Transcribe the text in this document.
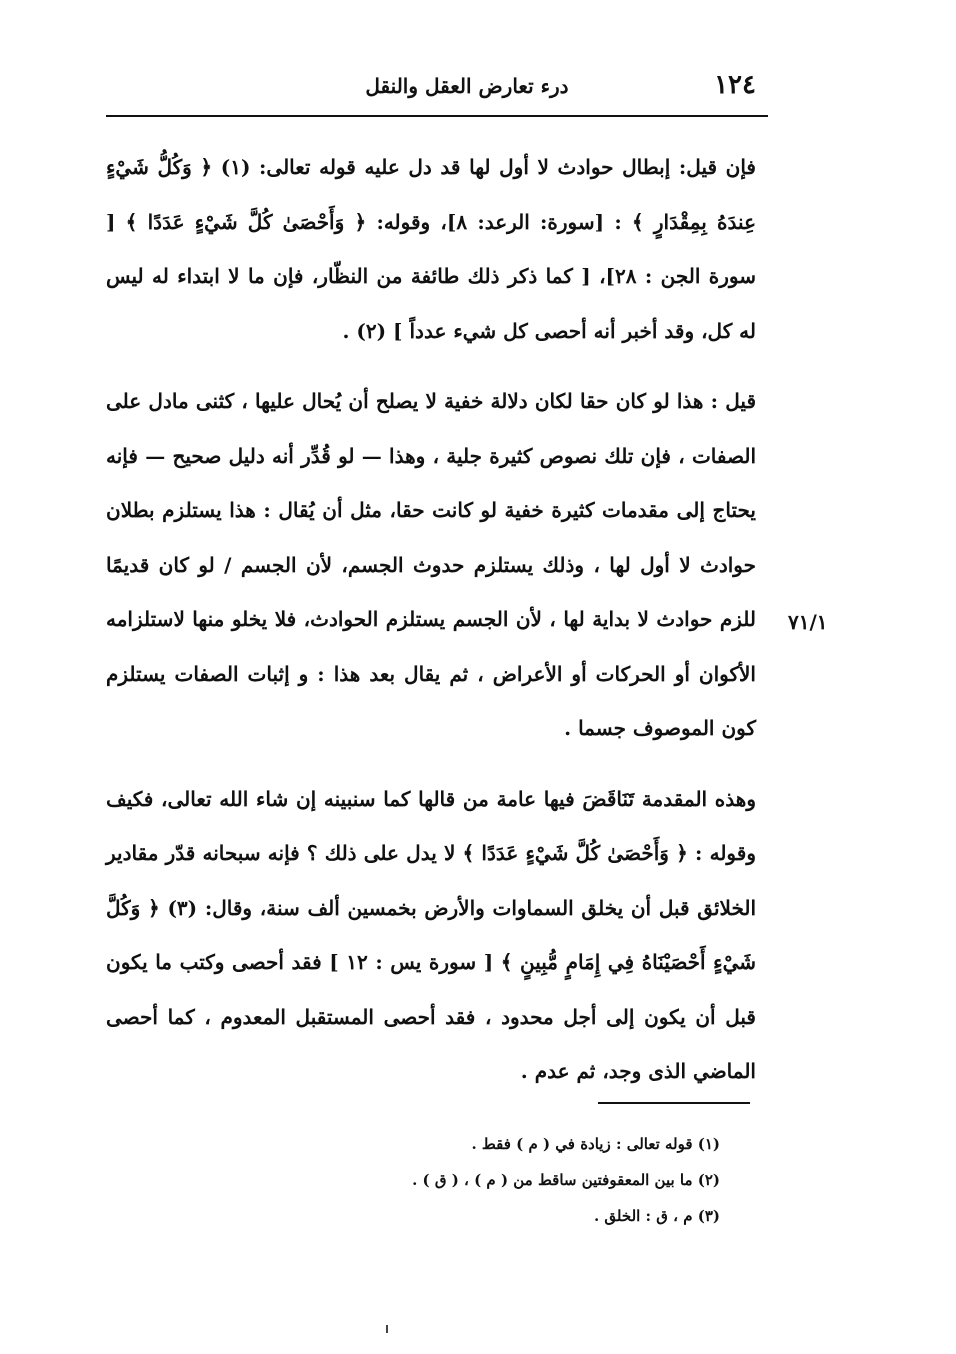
١٢٤
درء تعارض العقل والنقل

فإن قيل: إبطال حوادث لا أول لها قد دل عليه قوله تعالى: (١) ﴿ وَكُلُّ شَيْءٍ عِندَهُ بِمِقْدَارٍ ﴾ : [سورة: الرعد: ٨]، وقوله: ﴿ وَأَحْصَىٰ كُلَّ شَيْءٍ عَدَدًا ﴾ [ سورة الجن : ٢٨]، [ كما ذكر ذلك طائفة من النظّار، فإن ما لا ابتداء له ليس له كل، وقد أخبر أنه أحصى كل شيء عدداً ] (٢) .

قيل : هذا لو كان حقا لكان دلالة خفية لا يصلح أن يُحال عليها ، كثنى مادل على الصفات ، فإن تلك نصوص كثيرة جلية ، وهذا — لو قُدِّر أنه دليل صحيح — فإنه يحتاج إلى مقدمات كثيرة خفية لو كانت حقا، مثل أن يُقال : هذا يستلزم بطلان حوادث لا أول لها ، وذلك يستلزم حدوث الجسم، لأن الجسم / لو كان قديمًا للزم حوادث لا بداية لها ، لأن الجسم يستلزم الحوادث، فلا يخلو منها لاستلزامه الأكوان أو الحركات أو الأعراض ، ثم يقال بعد هذا : و إثبات الصفات يستلزم كون الموصوف جسما .

وهذه المقدمة تَنَاقَضَ فيها عامة من قالها كما سنبينه إن شاء الله تعالى، فكيف وقوله : ﴿ وَأَحْصَىٰ كُلَّ شَيْءٍ عَدَدًا ﴾ لا يدل على ذلك ؟ فإنه سبحانه قدّر مقادير الخلائق قبل أن يخلق السماوات والأرض بخمسين ألف سنة، وقال: (٣) ﴿ وَكُلَّ شَيْءٍ أَحْصَيْنَاهُ فِي إِمَامٍ مُّبِينٍ ﴾ [ سورة يس : ١٢ ] فقد أحصى وكتب ما يكون قبل أن يكون إلى أجل محدود ، فقد أحصى المستقبل المعدوم ، كما أحصى الماضي الذى وجد، ثم عدم .

٧١/١
(١) قوله تعالى : زيادة في ( م ) فقط .
(٢) ما بين المعقوفتين ساقط من ( م ) ، ( ق ) .
(٣) م ، ق : الخلق .
